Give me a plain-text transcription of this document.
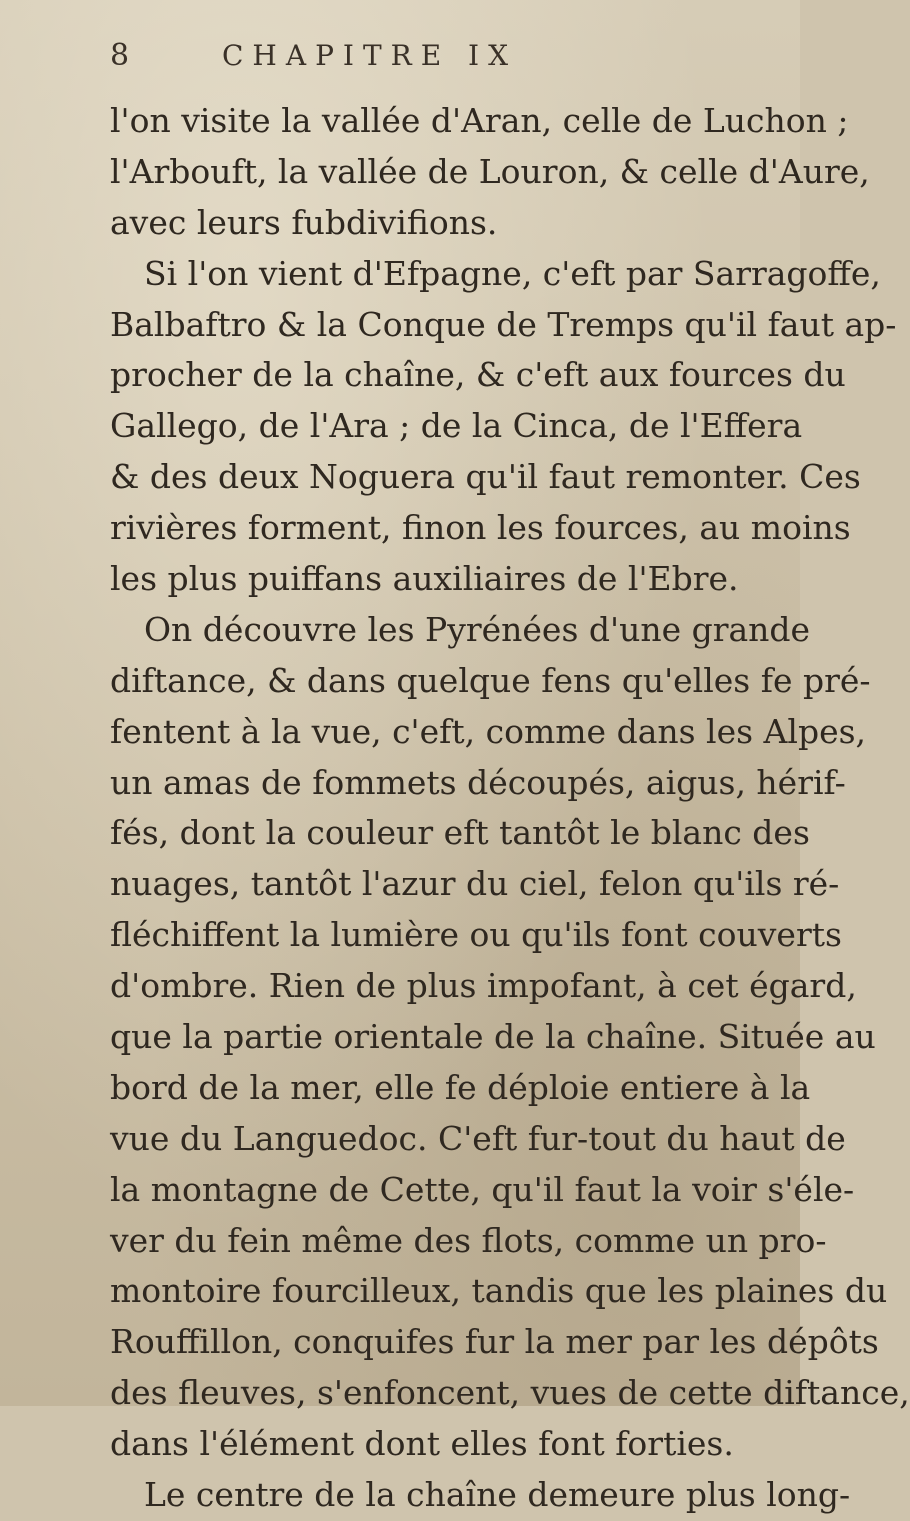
8	CHAPITRE IX
l'on visite la vallée d'Aran, celle de Luchon ;
l'Arbouft, la vallée de Louron, & celle d'Aure,
avec leurs fubdivifions.
Si l'on vient d'Efpagne, c'eft par Sarragoffe,
Balbaftro & la Conque de Tremps qu'il faut ap-
procher de la chaîne, & c'eft aux fources du
Gallego, de l'Ara ; de la Cinca, de l'Effera
& des deux Noguera qu'il faut remonter. Ces
rivières forment, finon les fources, au moins
les plus puiffans auxiliaires de l'Ebre.
On découvre les Pyrénées d'une grande
diftance, & dans quelque fens qu'elles fe pré-
fentent à la vue, c'eft, comme dans les Alpes,
un amas de fommets découpés, aigus, hérif-
fés, dont la couleur eft tantôt le blanc des
nuages, tantôt l'azur du ciel, felon qu'ils ré-
fléchiffent la lumière ou qu'ils font couverts
d'ombre. Rien de plus impofant, à cet égard,
que la partie orientale de la chaîne. Située au
bord de la mer, elle fe déploie entiere à la
vue du Languedoc. C'eft fur-tout du haut de
la montagne de Cette, qu'il faut la voir s'éle-
ver du fein même des flots, comme un pro-
montoire fourcilleux, tandis que les plaines du
Rouffillon, conquifes fur la mer par les dépôts
des fleuves, s'enfoncent, vues de cette diftance,
dans l'élément dont elles font forties.
Le centre de la chaîne demeure plus long-
